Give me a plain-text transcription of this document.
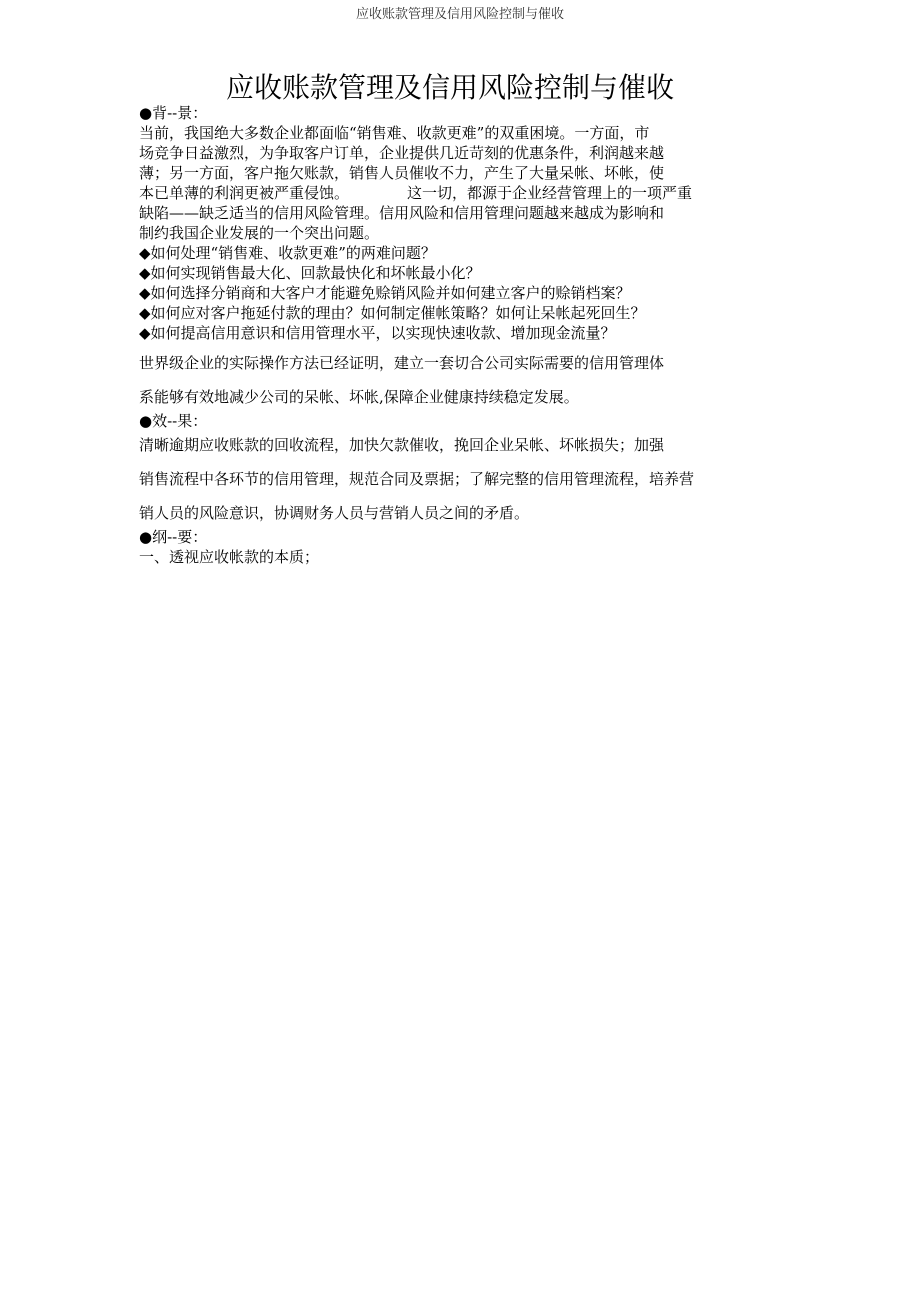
应收账款管理及信用风险控制与催收
应收账款管理及信用风险控制与催收
●背--景：
当前，我国绝大多数企业都面临“销售难、收款更难”的双重困境。一方面，市
场竞争日益激烈，为争取客户订单，企业提供几近苛刻的优惠条件，利润越来越
薄；另一方面，客户拖欠账款，销售人员催收不力，产生了大量呆帐、坏帐，使
本已单薄的利润更被严重侵蚀。	这一切，都源于企业经营管理上的一项严重
缺陷——缺乏适当的信用风险管理。信用风险和信用管理问题越来越成为影响和
制约我国企业发展的一个突出问题。
◆如何处理“销售难、收款更难”的两难问题？
◆如何实现销售最大化、回款最快化和坏帐最小化？
◆如何选择分销商和大客户才能避免赊销风险并如何建立客户的赊销档案？
◆如何应对客户拖延付款的理由？如何制定催帐策略？如何让呆帐起死回生？
◆如何提高信用意识和信用管理水平，以实现快速收款、增加现金流量？
世界级企业的实际操作方法已经证明，建立一套切合公司实际需要的信用管理体
系能够有效地减少公司的呆帐、坏帐,保障企业健康持续稳定发展。
●效--果：
清晰逾期应收账款的回收流程，加快欠款催收，挽回企业呆帐、坏帐损失；加强
销售流程中各环节的信用管理，规范合同及票据；了解完整的信用管理流程，培养营
销人员的风险意识，协调财务人员与营销人员之间的矛盾。
●纲--要：
一、透视应收帐款的本质；
